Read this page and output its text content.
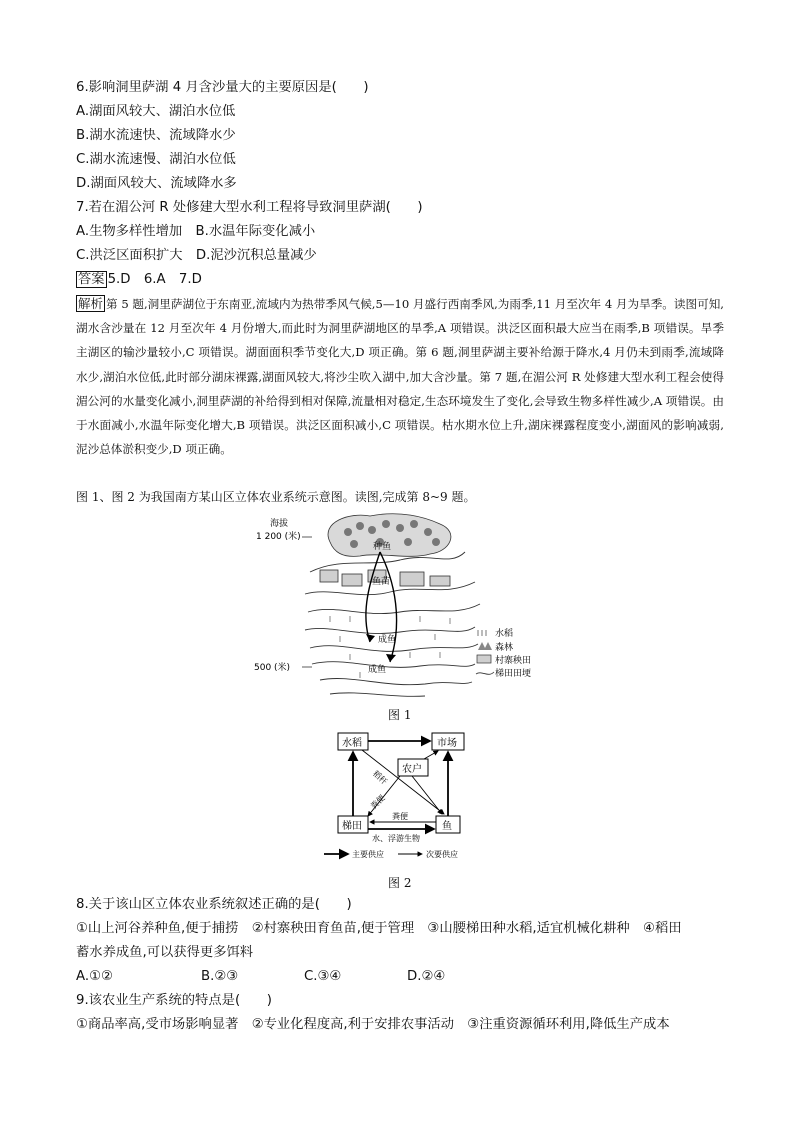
6.影响洞里萨湖 4 月含沙量大的主要原因是(　　)
A.湖面风较大、湖泊水位低
B.湖水流速快、流域降水少
C.湖水流速慢、湖泊水位低
D.湖面风较大、流域降水多
7.若在湄公河 R 处修建大型水利工程将导致洞里萨湖(　　)
A.生物多样性增加　B.水温年际变化减小
C.洪泛区面积扩大　D.泥沙沉积总量减少
答案 5.D　6.A　7.D
解析 第 5 题,洞里萨湖位于东南亚,流域内为热带季风气候,5—10 月盛行西南季风,为雨季,11 月至次年 4 月为旱季。读图可知,湖水含沙量在 12 月至次年 4 月份增大,而此时为洞里萨湖地区的旱季,A 项错误。洪泛区面积最大应当在雨季,B 项错误。旱季主湖区的输沙量较小,C 项错误。湖面面积季节变化大,D 项正确。第 6 题,洞里萨湖主要补给源于降水,4 月仍未到雨季,流域降水少,湖泊水位低,此时部分湖床裸露,湖面风较大,将沙尘吹入湖中,加大含沙量。第 7 题,在湄公河 R 处修建大型水利工程会使得湄公河的水量变化减小,洞里萨湖的补给得到相对保障,流量相对稳定,生态环境发生了变化,会导致生物多样性减少,A 项错误。由于水面减小,水温年际变化增大,B 项错误。洪泛区面积减小,C 项错误。枯水期水位上升,湖床裸露程度变小,湖面风的影响减弱,泥沙总体淤积变少,D 项正确。
图 1、图 2 为我国南方某山区立体农业系统示意图。读图,完成第 8~9 题。
海拔
1 200 (米)
500 (米)
种鱼
鱼苗
成鱼
成鱼
水稻
森林
村寨秧田
梯田田埂
图 1
水稻	市场
农户
梯田	鱼
稻秆
粪便
粪便
水、浮游生物
主要供应	次要供应
图 2
8.关于该山区立体农业系统叙述正确的是(　　)
①山上河谷养种鱼,便于捕捞　②村寨秧田育鱼苗,便于管理　③山腰梯田种水稻,适宜机械化耕种　④稻田
蓄水养成鱼,可以获得更多饵料
A.①②	B.②③	C.③④	D.②④
9.该农业生产系统的特点是(　　)
①商品率高,受市场影响显著　②专业化程度高,利于安排农事活动　③注重资源循环利用,降低生产成本
